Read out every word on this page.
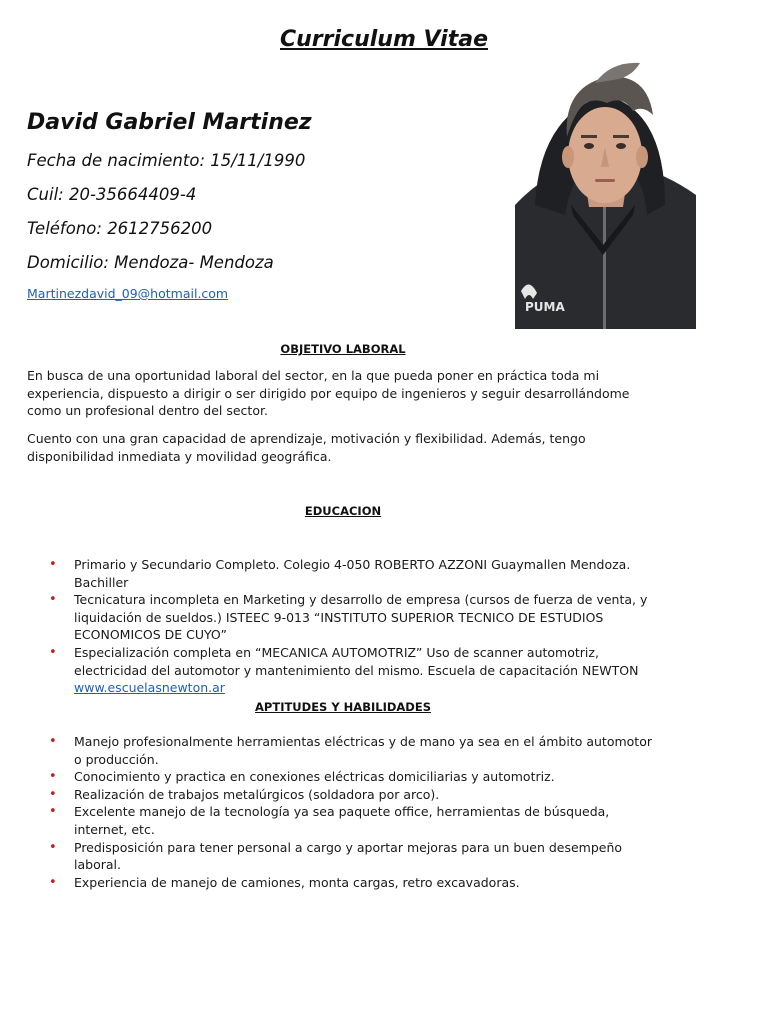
Curriculum Vitae
David Gabriel Martinez
Fecha de nacimiento: 15/11/1990
Cuil: 20-35664409-4
Teléfono: 2612756200
Domicilio: Mendoza- Mendoza
Martinezdavid_09@hotmail.com
PUMA
OBJETIVO LABORAL

En busca de una oportunidad laboral del sector, en la que pueda poner en práctica toda mi experiencia, dispuesto a dirigir o ser dirigido por equipo de ingenieros y seguir desarrollándome como un profesional dentro del sector.

Cuento con una gran capacidad de aprendizaje, motivación y flexibilidad. Además, tengo disponibilidad inmediata y movilidad geográfica.

EDUCACION
• Primario y Secundario Completo. Colegio 4-050 ROBERTO AZZONI Guaymallen Mendoza. Bachiller
• Tecnicatura incompleta en Marketing y desarrollo de empresa (cursos de fuerza de venta, y liquidación de sueldos.) ISTEEC 9-013 “INSTITUTO SUPERIOR TECNICO DE ESTUDIOS ECONOMICOS DE CUYO”
• Especialización completa en “MECANICA AUTOMOTRIZ” Uso de scanner automotriz, electricidad del automotor y mantenimiento del mismo. Escuela de capacitación NEWTON www.escuelasnewton.ar
APTITUDES Y HABILIDADES
• Manejo profesionalmente herramientas eléctricas y de mano ya sea en el ámbito automotor o producción.
• Conocimiento y practica en conexiones eléctricas domiciliarias y automotriz.
• Realización de trabajos metalúrgicos (soldadora por arco).
• Excelente manejo de la tecnología ya sea paquete office, herramientas de búsqueda, internet, etc.
• Predisposición para tener personal a cargo y aportar mejoras para un buen desempeño laboral.
• Experiencia de manejo de camiones, monta cargas, retro excavadoras.
